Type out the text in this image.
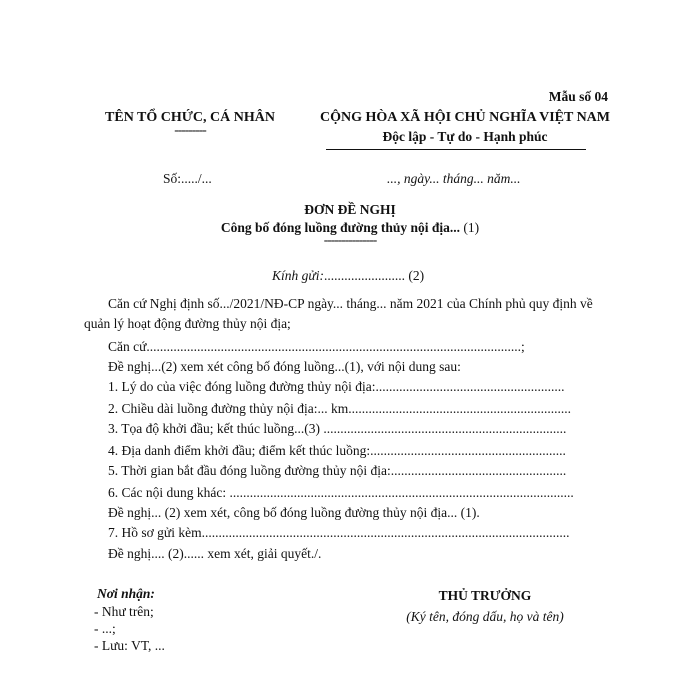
Mẫu số 04
TÊN TỔ CHỨC, CÁ NHÂN
---------
CỘNG HÒA XÃ HỘI CHỦ NGHĨA VIỆT NAM
Độc lập - Tự do - Hạnh phúc
Số:...../...	..., ngày... tháng... năm...
ĐƠN ĐỀ NGHỊ
Công bố đóng luồng đường thủy nội địa... (1)
---------------
Kính gửi:........................ (2)
Căn cứ Nghị định số.../2021/NĐ-CP ngày... tháng... năm 2021 của Chính phủ quy định về
quản lý hoạt động đường thủy nội địa;
Căn cứ...............................................................................................................;
Đề nghị...(2) xem xét công bố đóng luồng...(1), với nội dung sau:
1. Lý do của việc đóng luồng đường thủy nội địa:........................................................
2. Chiều dài luồng đường thủy nội địa:... km..................................................................
3. Tọa độ khởi đầu; kết thúc luồng...(3) ........................................................................
4. Địa danh điểm khởi đầu; điểm kết thúc luồng:..........................................................
5. Thời gian bắt đầu đóng luồng đường thủy nội địa:....................................................
6. Các nội dung khác: ......................................................................................................
Đề nghị... (2) xem xét, công bố đóng luồng đường thủy nội địa... (1).
7. Hồ sơ gửi kèm.............................................................................................................
Đề nghị.... (2)...... xem xét, giải quyết./.
Nơi nhận:
- Như trên;
- ...;
- Lưu: VT, ...
THỦ TRƯỞNG
(Ký tên, đóng dấu, họ và tên)
